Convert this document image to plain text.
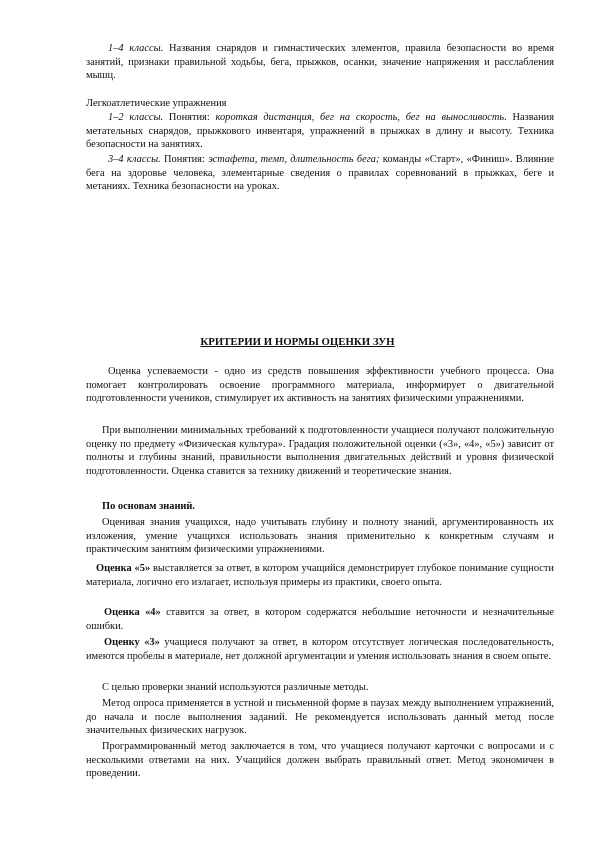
1–4 классы. Названия снарядов и гимнастических элементов, правила безопасности во время занятий, признаки правильной ходьбы, бега, прыжков, осанки, значение напряжения и расслабления мышц.

Легкоатлетические упражнения

1–2 классы. Понятия: короткая дистанция, бег на скорость, бег на выносливость. Названия метательных снарядов, прыжкового инвентаря, упражнений в прыжках в длину и высоту. Техника безопасности на занятиях.

3–4 классы. Понятия: эстафета, темп, длительность бега; команды «Старт», «Финиш». Влияние бега на здоровье человека, элементарные сведения о правилах соревнований в прыжках, беге и метаниях. Техника безопасности на уроках.

КРИТЕРИИ И НОРМЫ ОЦЕНКИ ЗУН

Оценка успеваемости - одно из средств повышения эффективности учебного процесса. Она помогает контролировать освоение программного материала, информирует о двигательной подготовленности учеников, стимулирует их активность на занятиях физическими упражнениями.

При выполнении минимальных требований к подготовленности учащиеся получают положительную оценку по предмету «Физическая культура». Градация положительной оценки («3», «4», «5») зависит от полноты и глубины знаний, правильности выполнения двигательных действий и уровня физической подготовленности. Оценка ставится за технику движений и теоретические знания.

По основам знаний.

Оценивая знания учащихся, надо учитывать глубину и полноту знаний, аргументированность их изложения, умение учащихся использовать знания применительно к конкретным случаям и практическим занятиям физическими упражнениями.

Оценка «5» выставляется за ответ, в котором учащийся демонстрирует глубокое понимание сущности материала, логично его излагает, используя примеры из практики, своего опыта.

Оценка «4» ставится за ответ, в котором содержатся небольшие неточности и незначительные ошибки.

Оценку «3» учащиеся получают за ответ, в котором отсутствует логическая последовательность, имеются пробелы в материале, нет должной аргументации и умения использовать знания в своем опыте.

С целью проверки знаний используются различные методы.

Метод опроса применяется в устной и письменной форме в паузах между выполнением упражнений, до начала и после выполнения заданий. Не рекомендуется использовать данный метод после значительных физических нагрузок.

Программированный метод заключается в том, что учащиеся получают карточки с вопросами и с несколькими ответами на них. Учащийся должен выбрать правильный ответ. Метод экономичен в проведении.
